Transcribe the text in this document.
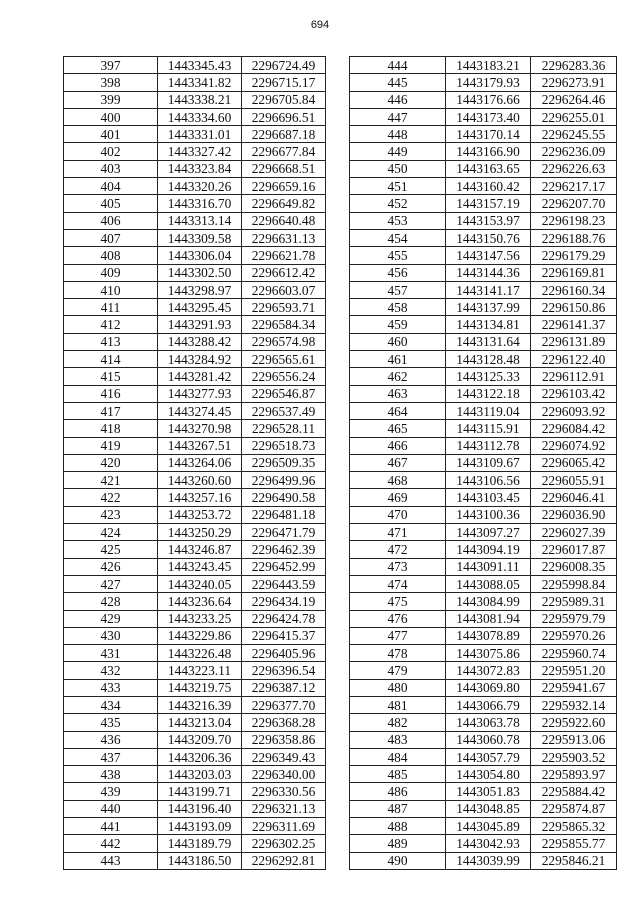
694
397	1443345.43	2296724.49
398	1443341.82	2296715.17
399	1443338.21	2296705.84
400	1443334.60	2296696.51
401	1443331.01	2296687.18
402	1443327.42	2296677.84
403	1443323.84	2296668.51
404	1443320.26	2296659.16
405	1443316.70	2296649.82
406	1443313.14	2296640.48
407	1443309.58	2296631.13
408	1443306.04	2296621.78
409	1443302.50	2296612.42
410	1443298.97	2296603.07
411	1443295.45	2296593.71
412	1443291.93	2296584.34
413	1443288.42	2296574.98
414	1443284.92	2296565.61
415	1443281.42	2296556.24
416	1443277.93	2296546.87
417	1443274.45	2296537.49
418	1443270.98	2296528.11
419	1443267.51	2296518.73
420	1443264.06	2296509.35
421	1443260.60	2296499.96
422	1443257.16	2296490.58
423	1443253.72	2296481.18
424	1443250.29	2296471.79
425	1443246.87	2296462.39
426	1443243.45	2296452.99
427	1443240.05	2296443.59
428	1443236.64	2296434.19
429	1443233.25	2296424.78
430	1443229.86	2296415.37
431	1443226.48	2296405.96
432	1443223.11	2296396.54
433	1443219.75	2296387.12
434	1443216.39	2296377.70
435	1443213.04	2296368.28
436	1443209.70	2296358.86
437	1443206.36	2296349.43
438	1443203.03	2296340.00
439	1443199.71	2296330.56
440	1443196.40	2296321.13
441	1443193.09	2296311.69
442	1443189.79	2296302.25
443	1443186.50	2296292.81
444	1443183.21	2296283.36
445	1443179.93	2296273.91
446	1443176.66	2296264.46
447	1443173.40	2296255.01
448	1443170.14	2296245.55
449	1443166.90	2296236.09
450	1443163.65	2296226.63
451	1443160.42	2296217.17
452	1443157.19	2296207.70
453	1443153.97	2296198.23
454	1443150.76	2296188.76
455	1443147.56	2296179.29
456	1443144.36	2296169.81
457	1443141.17	2296160.34
458	1443137.99	2296150.86
459	1443134.81	2296141.37
460	1443131.64	2296131.89
461	1443128.48	2296122.40
462	1443125.33	2296112.91
463	1443122.18	2296103.42
464	1443119.04	2296093.92
465	1443115.91	2296084.42
466	1443112.78	2296074.92
467	1443109.67	2296065.42
468	1443106.56	2296055.91
469	1443103.45	2296046.41
470	1443100.36	2296036.90
471	1443097.27	2296027.39
472	1443094.19	2296017.87
473	1443091.11	2296008.35
474	1443088.05	2295998.84
475	1443084.99	2295989.31
476	1443081.94	2295979.79
477	1443078.89	2295970.26
478	1443075.86	2295960.74
479	1443072.83	2295951.20
480	1443069.80	2295941.67
481	1443066.79	2295932.14
482	1443063.78	2295922.60
483	1443060.78	2295913.06
484	1443057.79	2295903.52
485	1443054.80	2295893.97
486	1443051.83	2295884.42
487	1443048.85	2295874.87
488	1443045.89	2295865.32
489	1443042.93	2295855.77
490	1443039.99	2295846.21
